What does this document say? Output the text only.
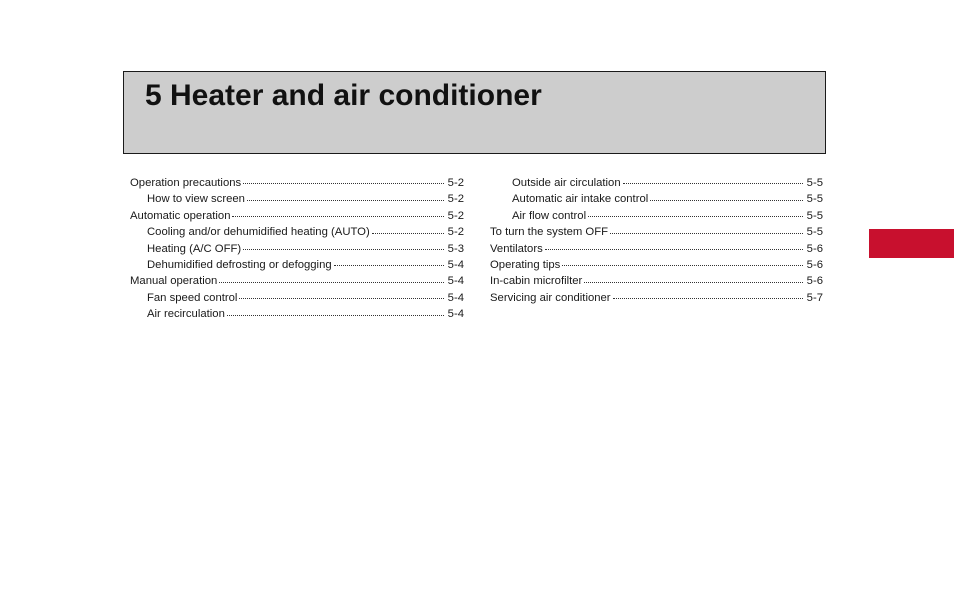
5 Heater and air conditioner
Operation precautions	5-2
How to view screen	5-2
Automatic operation	5-2
Cooling and/or dehumidified heating (AUTO)	5-2
Heating (A/C OFF)	5-3
Dehumidified defrosting or defogging	5-4
Manual operation	5-4
Fan speed control	5-4
Air recirculation	5-4
Outside air circulation	5-5
Automatic air intake control	5-5
Air flow control	5-5
To turn the system OFF	5-5
Ventilators	5-6
Operating tips	5-6
In-cabin microfilter	5-6
Servicing air conditioner	5-7
